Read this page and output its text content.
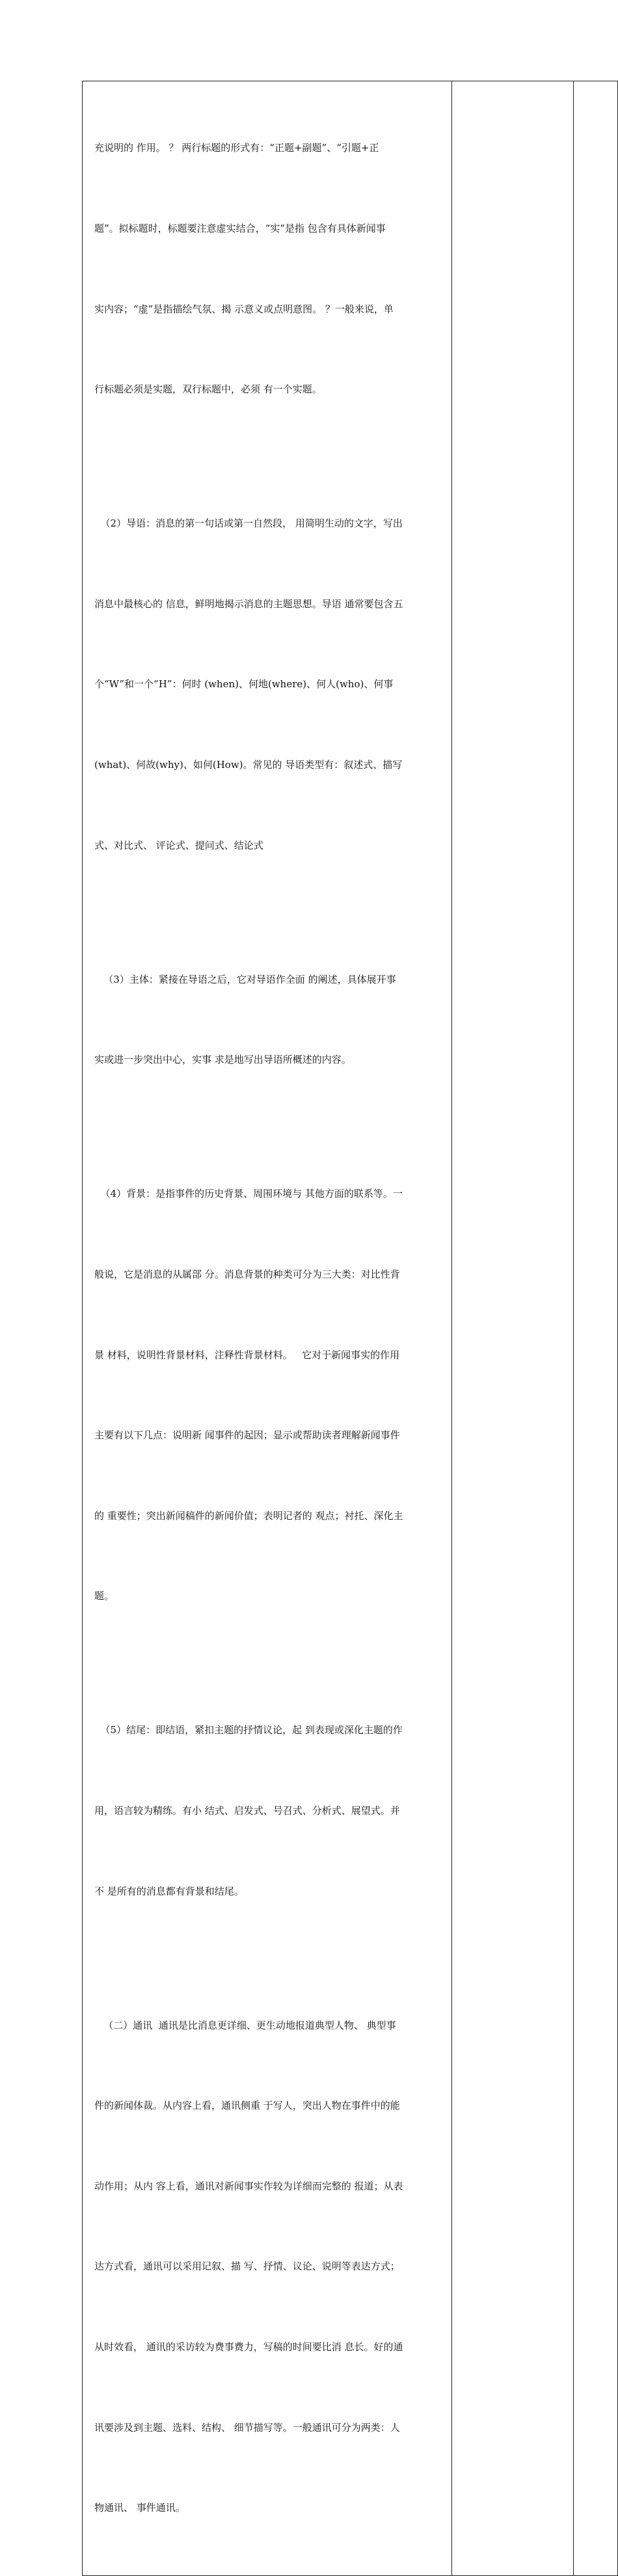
充说明的 作用。 ？ 两行标题的形式有：“正题+副题”、“引题+正

题”。拟标题时，标题要注意虚实结合，“实”是指 包含有具体新闻事

实内容；“虚”是指描绘气氛、揭 示意义或点明意图。 ？一般来说，单

行标题必须是实题，双行标题中，必须 有一个实题。

（2）导语：消息的第一句话或第一自然段， 用简明生动的文字，写出

消息中最核心的 信息，鲜明地揭示消息的主题思想。导语 通常要包含五

个“W”和一个“H”：何时 (when)、何地(where)、何人(who)、何事

(what)、何故(why)、如何(How)。常见的 导语类型有：叙述式、描写

式、对比式、 评论式、提问式、结论式

（3）主体：紧接在导语之后，它对导语作全面 的阐述，具体展开事

实或进一步突出中心，实事 求是地写出导语所概述的内容。

（4）背景：是指事件的历史背景、周围环境与 其他方面的联系等。一

般说，它是消息的从属部 分。消息背景的种类可分为三大类：对比性背

景 材料，说明性背景材料，注释性背景材料。   它对于新闻事实的作用

主要有以下几点：说明新 闻事件的起因；显示或帮助读者理解新闻事件

的 重要性；突出新闻稿件的新闻价值；表明记者的 观点；衬托、深化主

题。

（5）结尾：即结语，紧扣主题的抒情议论，起 到表现或深化主题的作

用，语言较为精练。有小 结式、启发式、号召式、分析式、展望式。并

不 是所有的消息都有背景和结尾。

（二）通讯  通讯是比消息更详细、更生动地报道典型人物、 典型事

件的新闻体裁。从内容上看，通讯侧重 于写人，突出人物在事件中的能

动作用；从内 容上看，通讯对新闻事实作较为详细而完整的 报道；从表

达方式看，通讯可以采用记叙、描 写、抒情、议论、说明等表达方式；

从时效看， 通讯的采访较为费事费力，写稿的时间要比消 息长。好的通

讯要涉及到主题、选料、结构、 细节描写等。一般通讯可分为两类：人

物通讯、 事件通讯。
